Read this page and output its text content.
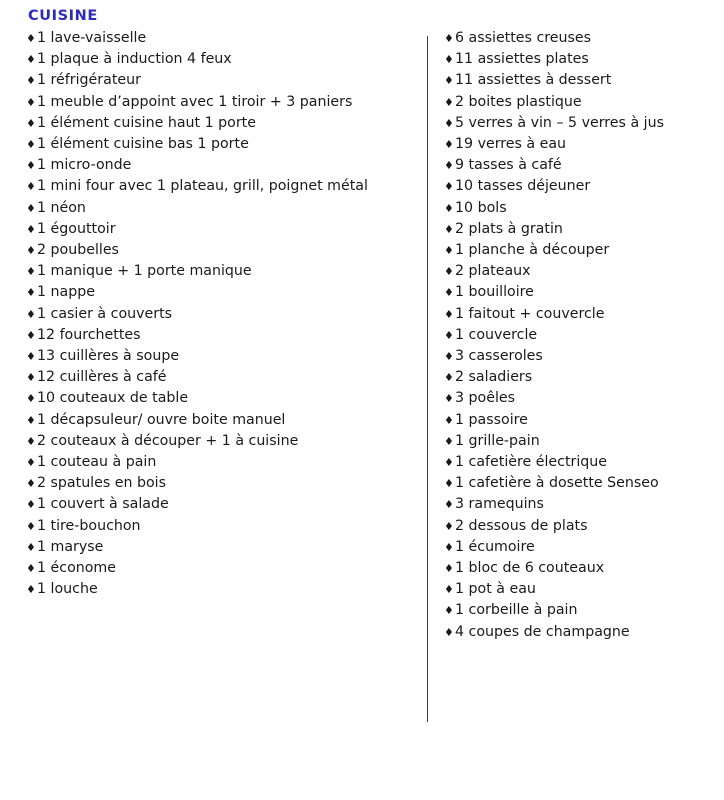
CUISINE
♦ 1 lave-vaisselle
♦ 1 plaque à induction 4 feux
♦ 1 réfrigérateur
♦ 1 meuble d’appoint avec 1 tiroir + 3 paniers
♦ 1 élément cuisine haut 1 porte
♦ 1 élément cuisine bas 1 porte
♦ 1 micro-onde
♦ 1 mini four avec 1 plateau, grill, poignet métal
♦ 1 néon
♦ 1 égouttoir
♦ 2 poubelles
♦ 1 manique + 1 porte manique
♦ 1 nappe
♦ 1 casier à couverts
♦ 12 fourchettes
♦ 13 cuillères à soupe
♦ 12 cuillères à café
♦ 10 couteaux de table
♦ 1 décapsuleur/ ouvre boite manuel
♦ 2 couteaux à découper + 1 à cuisine
♦ 1 couteau à pain
♦ 2 spatules en bois
♦ 1 couvert à salade
♦ 1 tire-bouchon
♦ 1 maryse
♦ 1 économe
♦ 1 louche
♦ 6 assiettes creuses
♦ 11 assiettes plates
♦ 11 assiettes à dessert
♦ 2 boites plastique
♦ 5 verres à vin – 5 verres à jus
♦ 19 verres à eau
♦ 9 tasses à café
♦ 10 tasses déjeuner
♦ 10 bols
♦ 2 plats à gratin
♦ 1 planche à découper
♦ 2 plateaux
♦ 1 bouilloire
♦ 1 faitout + couvercle
♦ 1 couvercle
♦ 3 casseroles
♦ 2 saladiers
♦ 3 poêles
♦ 1 passoire
♦ 1 grille-pain
♦ 1 cafetière électrique
♦ 1 cafetière à dosette Senseo
♦ 3 ramequins
♦ 2 dessous de plats
♦ 1 écumoire
♦ 1 bloc de 6 couteaux
♦ 1 pot à eau
♦ 1 corbeille à pain
♦ 4 coupes de champagne
